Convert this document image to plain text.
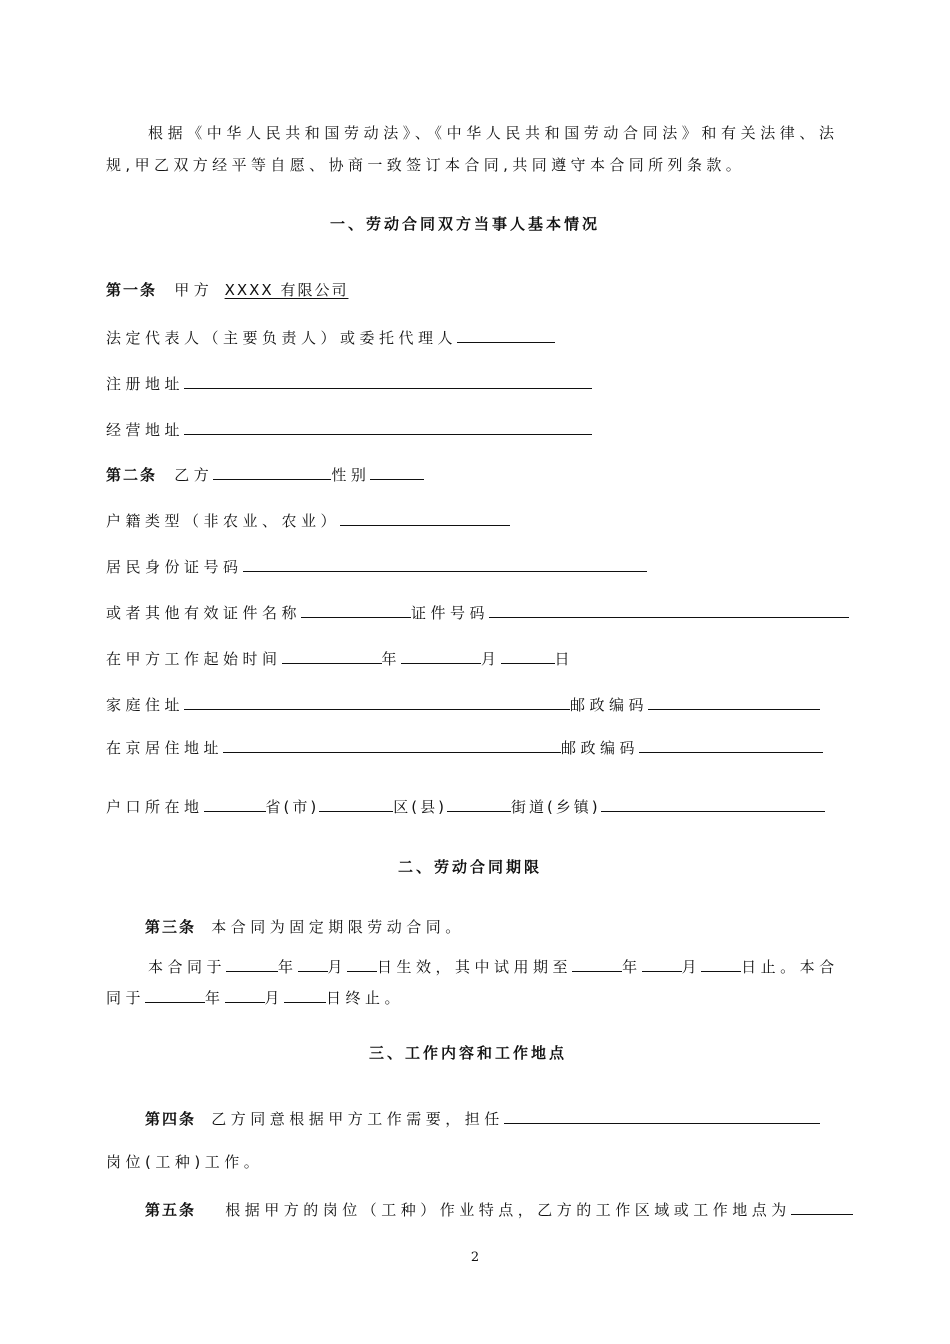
根据《中华人民共和国劳动法》、《中华人民共和国劳动合同法》和有关法律、法
规,甲乙双方经平等自愿、协商一致签订本合同,共同遵守本合同所列条款。
一、劳动合同双方当事人基本情况
第一条 甲方 XXXX 有限公司
法定代表人（主要负责人）或委托代理人
注册地址
经营地址
第二条 乙方	性别
户籍类型（非农业、农业）
居民身份证号码
或者其他有效证件名称	证件号码
在甲方工作起始时间	年	月	日
家庭住址	邮政编码
在京居住地址	邮政编码
户口所在地	省(市)	区(县)	街道(乡镇)
二、劳动合同期限
第三条 本合同为固定期限劳动合同。
本合同于	年 月 日生效，其中试用期至	年	月	日止。本合
同于	年	月	日终止。
三、工作内容和工作地点
第四条 乙方同意根据甲方工作需要，担任
岗位(工种)工作。
第五条 根据甲方的岗位（工种）作业特点，乙方的工作区域或工作地点为
2
